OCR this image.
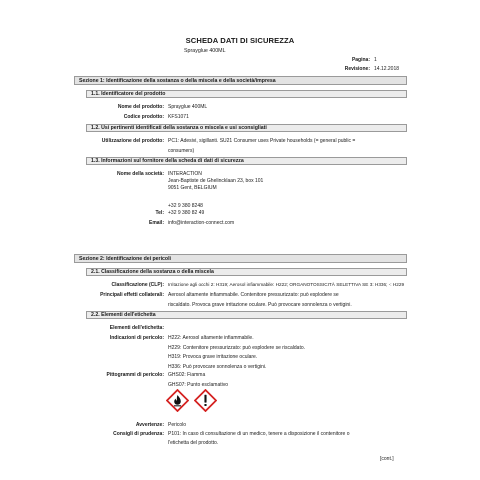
SCHEDA DATI DI SICUREZZA
Sprayglue 400ML
Pagina: 1
Revisione: 14.12.2018
Sezione 1: Identificazione della sostanza o della miscela e della società/impresa
1.1. Identificatore del prodotto
Nome del prodotto: Sprayglue 400ML
Codice prodotto: KFS1071
1.2. Usi pertinenti identificati della sostanza o miscela e usi sconsigliati
Utilizzazione del prodotto: PC1: Adesivi, sigillanti. SU21 Consumer uses Private households (= general public =
consumers)
1.3. Informazioni sul fornitore della scheda di dati di sicurezza
Nome della società: INTERACTION
Jean-Baptiste de Ghelincklaan 23, box 101
9051 Gent, BELGIUM
+32 9 380 8248
Tel: +32 9 380 82 49
Email: info@interaction-connect.com
Sezione 2: Identificazione dei pericoli
2.1. Classificazione della sostanza o della miscela
Classificazione (CLP): Irritazione agli occhi 2: H319; Aerosol infiammabile: H222; ORGANOTOSSICITÀ SELETTIVA SE 3: H336; -: H229
Principali effetti collaterali: Aerosol altamente infiammabile. Contenitore pressurizzato: può esplodere se
riscaldato. Provoca grave irritazione oculare. Può provocare sonnolenza o vertigini.
2.2. Elementi dell'etichetta
Elementi dell'etichetta:
Indicazioni di pericolo: H222: Aerosol altamente infiammabile.
H229: Contenitore pressurizzato: può esplodere se riscaldato.
H319: Provoca grave irritazione oculare.
H336: Può provocare sonnolenza o vertigini.
Pittogrammi di pericolo: GHS02: Fiamma
GHS07: Punto esclamativo
Avvertenze: Pericolo
Consigli di prudenza: P101: In caso di consultazione di un medico, tenere a disposizione il contenitore o
l'etichetta del prodotto.
[cont.]
